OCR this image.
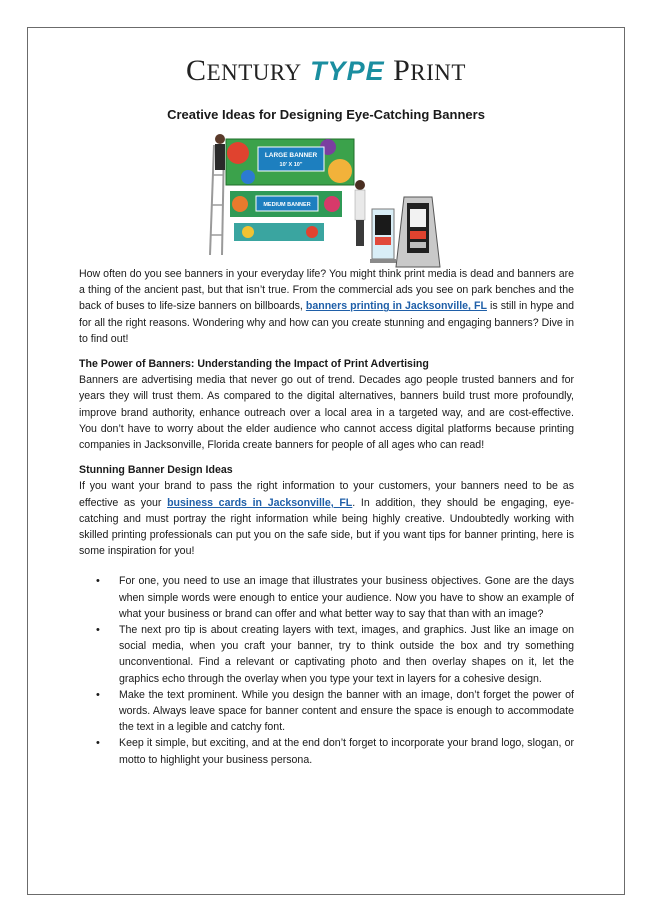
CENTURY TYPE PRINT
Creative Ideas for Designing Eye-Catching Banners
LARGE BANNER
10' X 10"
MEDIUM BANNER

How often do you see banners in your everyday life? You might think print media is dead and banners are a thing of the ancient past, but that isn’t true. From the commercial ads you see on park benches and the back of buses to life-size banners on billboards, banners printing in Jacksonville, FL is still in hype and for all the right reasons. Wondering why and how can you create stunning and engaging banners? Dive in to find out!

The Power of Banners: Understanding the Impact of Print Advertising

Banners are advertising media that never go out of trend. Decades ago people trusted banners and for years they will trust them. As compared to the digital alternatives, banners build trust more profoundly, improve brand authority, enhance outreach over a local area in a targeted way, and are cost-effective. You don’t have to worry about the elder audience who cannot access digital platforms because printing companies in Jacksonville, Florida create banners for people of all ages who can read!

Stunning Banner Design Ideas

If you want your brand to pass the right information to your customers, your banners need to be as effective as your business cards in Jacksonville, FL. In addition, they should be engaging, eye-catching and must portray the right information while being highly creative. Undoubtedly working with skilled printing professionals can put you on the safe side, but if you want tips for banner printing, here is some inspiration for you!

• For one, you need to use an image that illustrates your business objectives. Gone are the days when simple words were enough to entice your audience. Now you have to show an example of what your business or brand can offer and what better way to say that than with an image?
• The next pro tip is about creating layers with text, images, and graphics. Just like an image on social media, when you craft your banner, try to think outside the box and try something unconventional. Find a relevant or captivating photo and then overlay shapes on it, let the graphics echo through the overlay when you type your text in layers for a cohesive design.
• Make the text prominent. While you design the banner with an image, don’t forget the power of words. Always leave space for banner content and ensure the space is enough to accommodate the text in a legible and catchy font.
• Keep it simple, but exciting, and at the end don’t forget to incorporate your brand logo, slogan, or motto to highlight your business persona.
